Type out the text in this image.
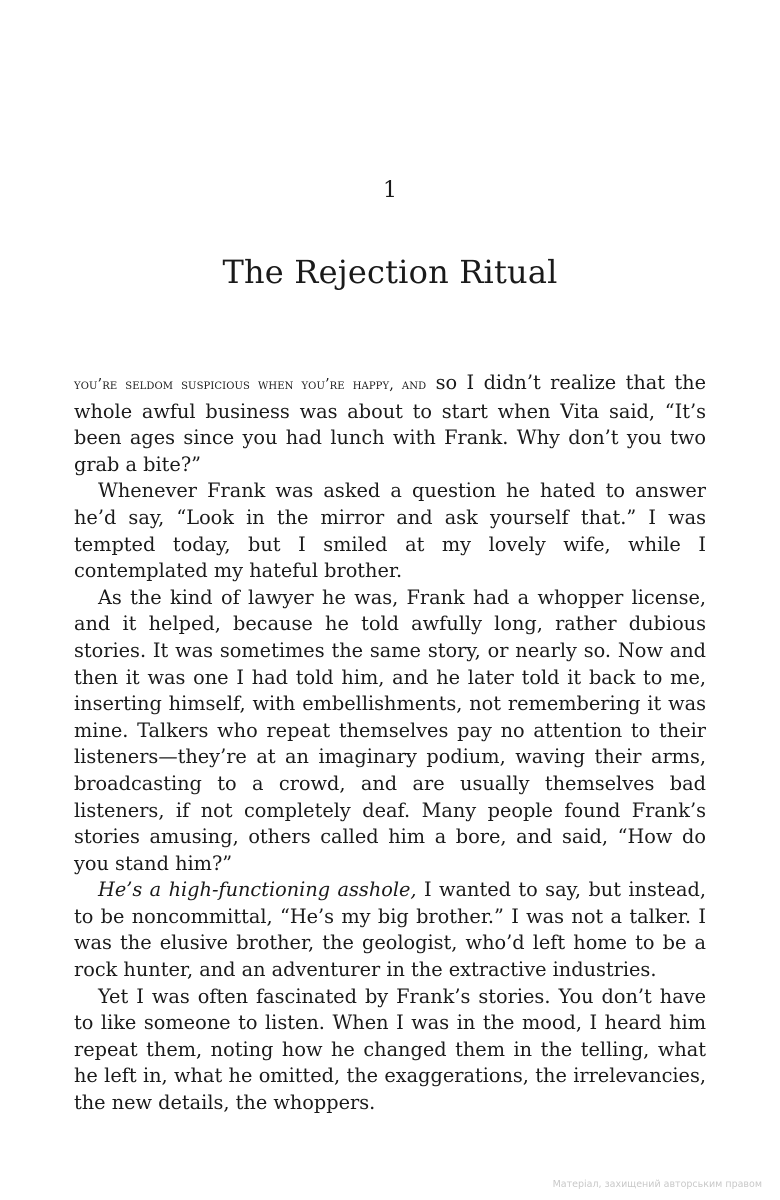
1
The Rejection Ritual

you’re seldom suspicious when you’re happy, and so I didn’t realize that the whole awful business was about to start when Vita said, “It’s been ages since you had lunch with Frank. Why don’t you two grab a bite?”

Whenever Frank was asked a question he hated to answer he’d say, “Look in the mirror and ask yourself that.” I was tempted today, but I smiled at my lovely wife, while I contemplated my hateful brother.

As the kind of lawyer he was, Frank had a whopper license, and it helped, because he told awfully long, rather dubious stories. It was sometimes the same story, or nearly so. Now and then it was one I had told him, and he later told it back to me, inserting himself, with embellishments, not remembering it was mine. Talkers who repeat themselves pay no attention to their listeners—they’re at an imaginary podium, waving their arms, broadcasting to a crowd, and are usually themselves bad listeners, if not completely deaf. Many people found Frank’s stories amusing, others called him a bore, and said, “How do you stand him?”

He’s a high-functioning asshole, I wanted to say, but instead, to be noncommittal, “He’s my big brother.” I was not a talker. I was the elusive brother, the geologist, who’d left home to be a rock hunter, and an adventurer in the extractive industries.

Yet I was often fascinated by Frank’s stories. You don’t have to like someone to listen. When I was in the mood, I heard him repeat them, noting how he changed them in the telling, what he left in, what he omitted, the exaggerations, the irrelevancies, the new details, the whoppers.

Матеріал, захищений авторським правом
